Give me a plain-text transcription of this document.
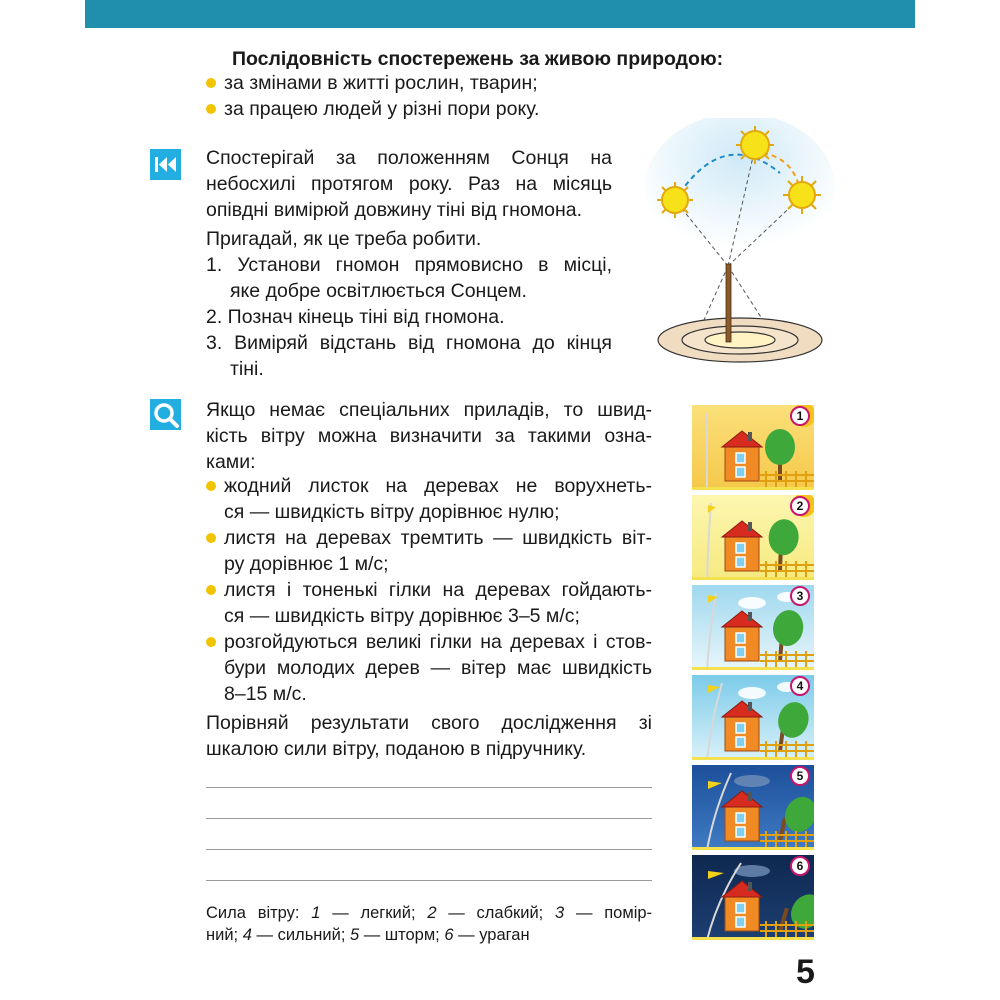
Послідовність спостережень за живою природою:

за змінами в житті рослин, тварин;

за працею людей у різні пори року.

Спостерігай за положенням Сонця на

небосхилі протягом року. Раз на місяць

опівдні вимірюй довжину тіні від гномона.

Пригадай, як це треба робити.

1. Установи гномон прямовисно в місці,

яке добре освітлюється Сонцем.

2. Познач кінець тіні від гномона.

3. Виміряй відстань від гномона до кінця

тіні.

Якщо немає спеціальних приладів, то швид-

кість вітру можна визначити за такими озна-

ками:

жодний листок на деревах не ворухнеть-

ся — швидкість вітру дорівнює нулю;

листя на деревах тремтить — швидкість віт-

ру дорівнює 1 м/с;

листя і тоненькі гілки на деревах гойдають-

ся — швидкість вітру дорівнює 3–5 м/с;

розгойдуються великі гілки на деревах і стов-

бури молодих дерев — вітер має швидкість

8–15 м/с.

Порівняй результати свого дослідження зі

шкалою сили вітру, поданою в підручнику.

Сила вітру: 1 — легкий; 2 — слабкий; 3 — помір-

ний; 4 — сильний; 5 — шторм; 6 — ураган

1
2
3
4
5
6
5
